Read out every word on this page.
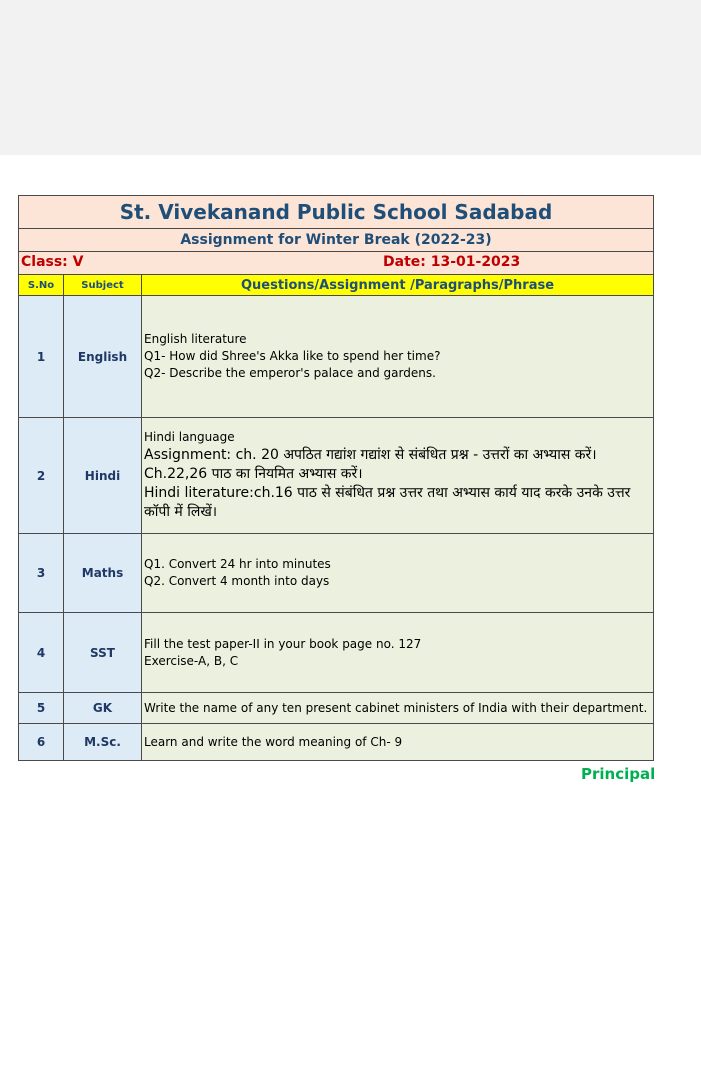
St. Vivekanand Public School Sadabad		
Assignment for Winter Break (2022-23)		

Class: V Date: 13-01-2023		

S.No	Subject	Questions/Assignment /Paragraphs/Phrase
1	English	English literature
Q1- How did Shree's Akka like to spend her time?
Q2- Describe the emperor's palace and gardens.

2	Hindi	Hindi language
Assignment: ch. 20 अपठित गद्यांश गद्यांश से संबंधित प्रश्न - उत्तरों का अभ्यास करें।
Ch.22,26 पाठ का नियमित अभ्यास करें।
Hindi literature:ch.16 पाठ से संबंधित प्रश्न उत्तर तथा अभ्यास कार्य याद करके उनके उत्तर कॉपी में लिखें।

3	Maths	Q1. Convert 24 hr into minutes
Q2. Convert 4 month into days

4	SST	Fill the test paper-II in your book page no. 127
Exercise-A, B, C

5	GK	Write the name of any ten present cabinet ministers of India with their department.

6	M.Sc.	Learn and write the word meaning of Ch- 9
Principal
